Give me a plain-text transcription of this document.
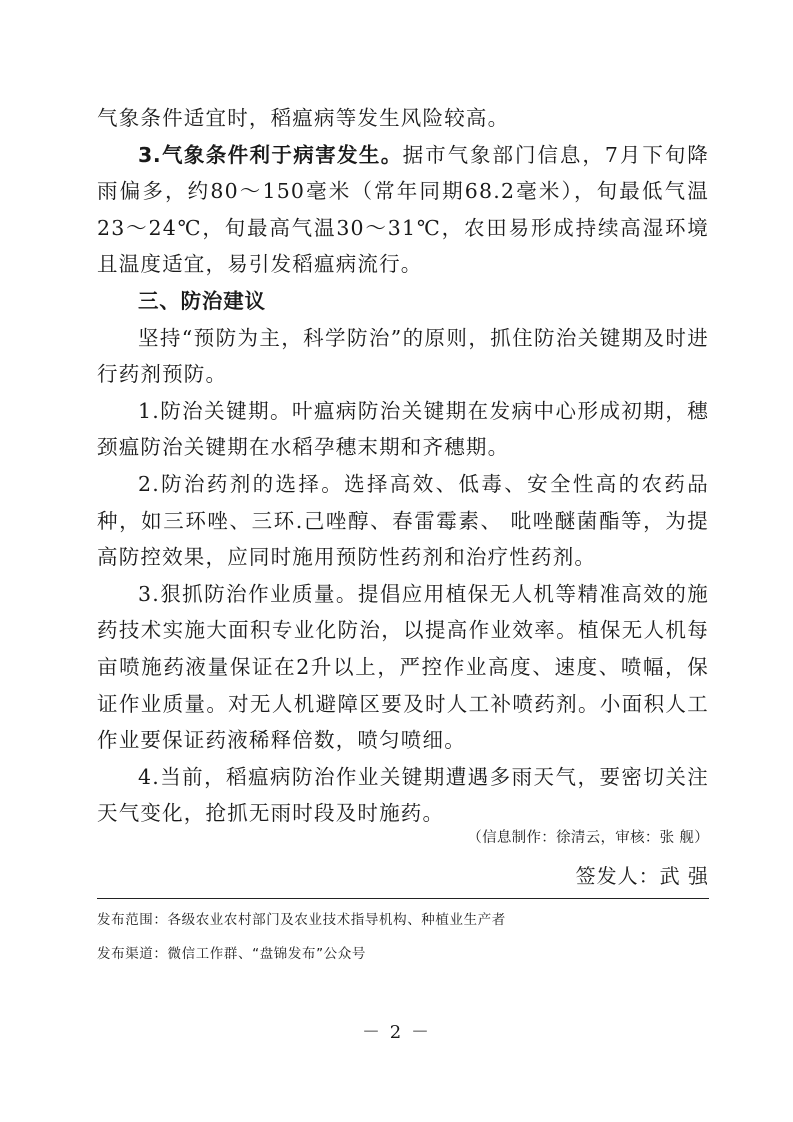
气象条件适宜时，稻瘟病等发生风险较高。

3.气象条件利于病害发生。据市气象部门信息，7月下旬降雨偏多，约80～150毫米（常年同期68.2毫米），旬最低气温23～24℃，旬最高气温30～31℃，农田易形成持续高湿环境且温度适宜，易引发稻瘟病流行。

三、防治建议

坚持“预防为主，科学防治”的原则，抓住防治关键期及时进行药剂预防。

1.防治关键期。叶瘟病防治关键期在发病中心形成初期，穗颈瘟防治关键期在水稻孕穗末期和齐穗期。

2.防治药剂的选择。选择高效、低毒、安全性高的农药品种，如三环唑、三环.己唑醇、春雷霉素、 吡唑醚菌酯等，为提高防控效果，应同时施用预防性药剂和治疗性药剂。

3.狠抓防治作业质量。提倡应用植保无人机等精准高效的施药技术实施大面积专业化防治，以提高作业效率。植保无人机每亩喷施药液量保证在2升以上，严控作业高度、速度、喷幅，保证作业质量。对无人机避障区要及时人工补喷药剂。小面积人工作业要保证药液稀释倍数，喷匀喷细。

4.当前，稻瘟病防治作业关键期遭遇多雨天气，要密切关注天气变化，抢抓无雨时段及时施药。

（信息制作：徐清云，审核：张 舰）
签发人：武 强
发布范围：各级农业农村部门及农业技术指导机构、种植业生产者
发布渠道：微信工作群、“盘锦发布”公众号
－ 2 －
